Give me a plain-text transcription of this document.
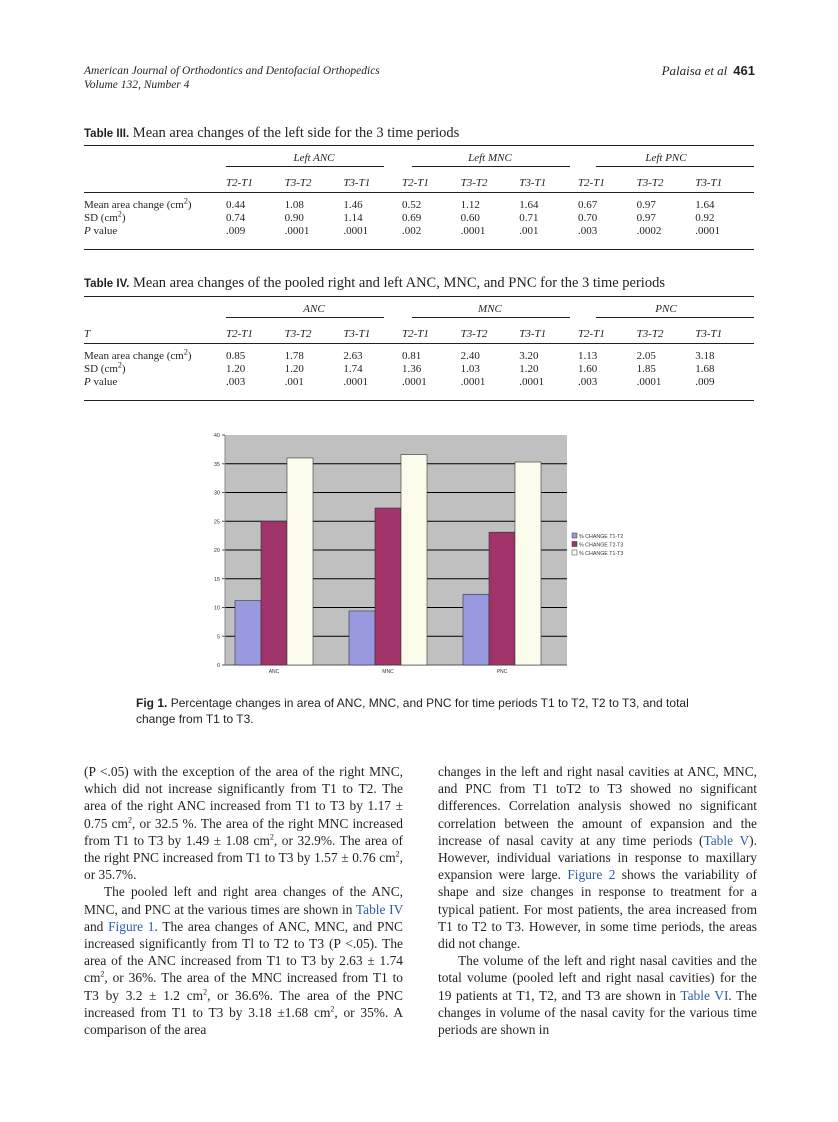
American Journal of Orthodontics and Dentofacial Orthopedics
Volume 132, Number 4
Palaisa et al 461
Table III. Mean area changes of the left side for the 3 time periods
	Left ANC			Left MNC			Left PNC		
	T2-T1	T3-T2	T3-T1	T2-T1	T3-T2	T3-T1	T2-T1	T3-T2	T3-T1
Mean area change $(cm^2)$	0.44	1.08	1.46	0.52	1.12	1.64	0.67	0.97	1.64
SD $(cm^2)$	0.74	0.90	1.14	0.69	0.60	0.71	0.70	0.97	0.92
P value	.009	.0001	.0001	.002	.0001	.001	.003	.0002	.0001
Table IV. Mean area changes of the pooled right and left ANC, MNC, and PNC for the 3 time periods
	ANC			MNC			PNC		
T	T2-T1	T3-T2	T3-T1	T2-T1	T3-T2	T3-T1	T2-T1	T3-T2	T3-T1
Mean area change $(cm^2)$	0.85	1.78	2.63	0.81	2.40	3.20	1.13	2.05	3.18
SD $(cm^2)$	1.20	1.20	1.74	1.36	1.03	1.20	1.60	1.85	1.68
P value	.003	.001	.0001	.0001	.0001	.0001	.003	.0001	.009
0
5
10
15
20
25
30
35
40
ANC	MNC	PNC
% CHANGE T1-T2
% CHANGE T2-T3
% CHANGE T1-T3
Fig 1. Percentage changes in area of ANC, MNC, and PNC for time periods T1 to T2, T2 to T3, and total change from T1 to T3.

(P <.05) with the exception of the area of the right MNC, which did not increase significantly from T1 to T2. The area of the right ANC increased from T1 to T3 by 1.17 ± 0.75 $cm^2$, or 32.5 %. The area of the right MNC increased from T1 to T3 by 1.49 ± 1.08 $cm^2$, or 32.9%. The area of the right PNC increased from T1 to T3 by 1.57 ± 0.76 $cm^2$, or 35.7%.

The pooled left and right area changes of the ANC, MNC, and PNC at the various times are shown in Table IV and Figure 1. The area changes of ANC, MNC, and PNC increased significantly from Tl to T2 to T3 (P <.05). The area of the ANC increased from T1 to T3 by 2.63 ± 1.74 $cm^2$, or 36%. The area of the MNC increased from T1 to T3 by 3.2 ± 1.2 $cm^2$, or 36.6%. The area of the PNC increased from T1 to T3 by 3.18 ±1.68 $cm^2$, or 35%. A comparison of the area

changes in the left and right nasal cavities at ANC, MNC, and PNC from T1 toT2 to T3 showed no significant differences. Correlation analysis showed no significant correlation between the amount of expansion and the increase of nasal cavity at any time periods (Table V). However, individual variations in response to maxillary expansion were large. Figure 2 shows the variability of shape and size changes in response to treatment for a typical patient. For most patients, the area increased from T1 to T2 to T3. However, in some time periods, the areas did not change.

The volume of the left and right nasal cavities and the total volume (pooled left and right nasal cavities) for the 19 patients at T1, T2, and T3 are shown in Table VI. The changes in volume of the nasal cavity for the various time periods are shown in
